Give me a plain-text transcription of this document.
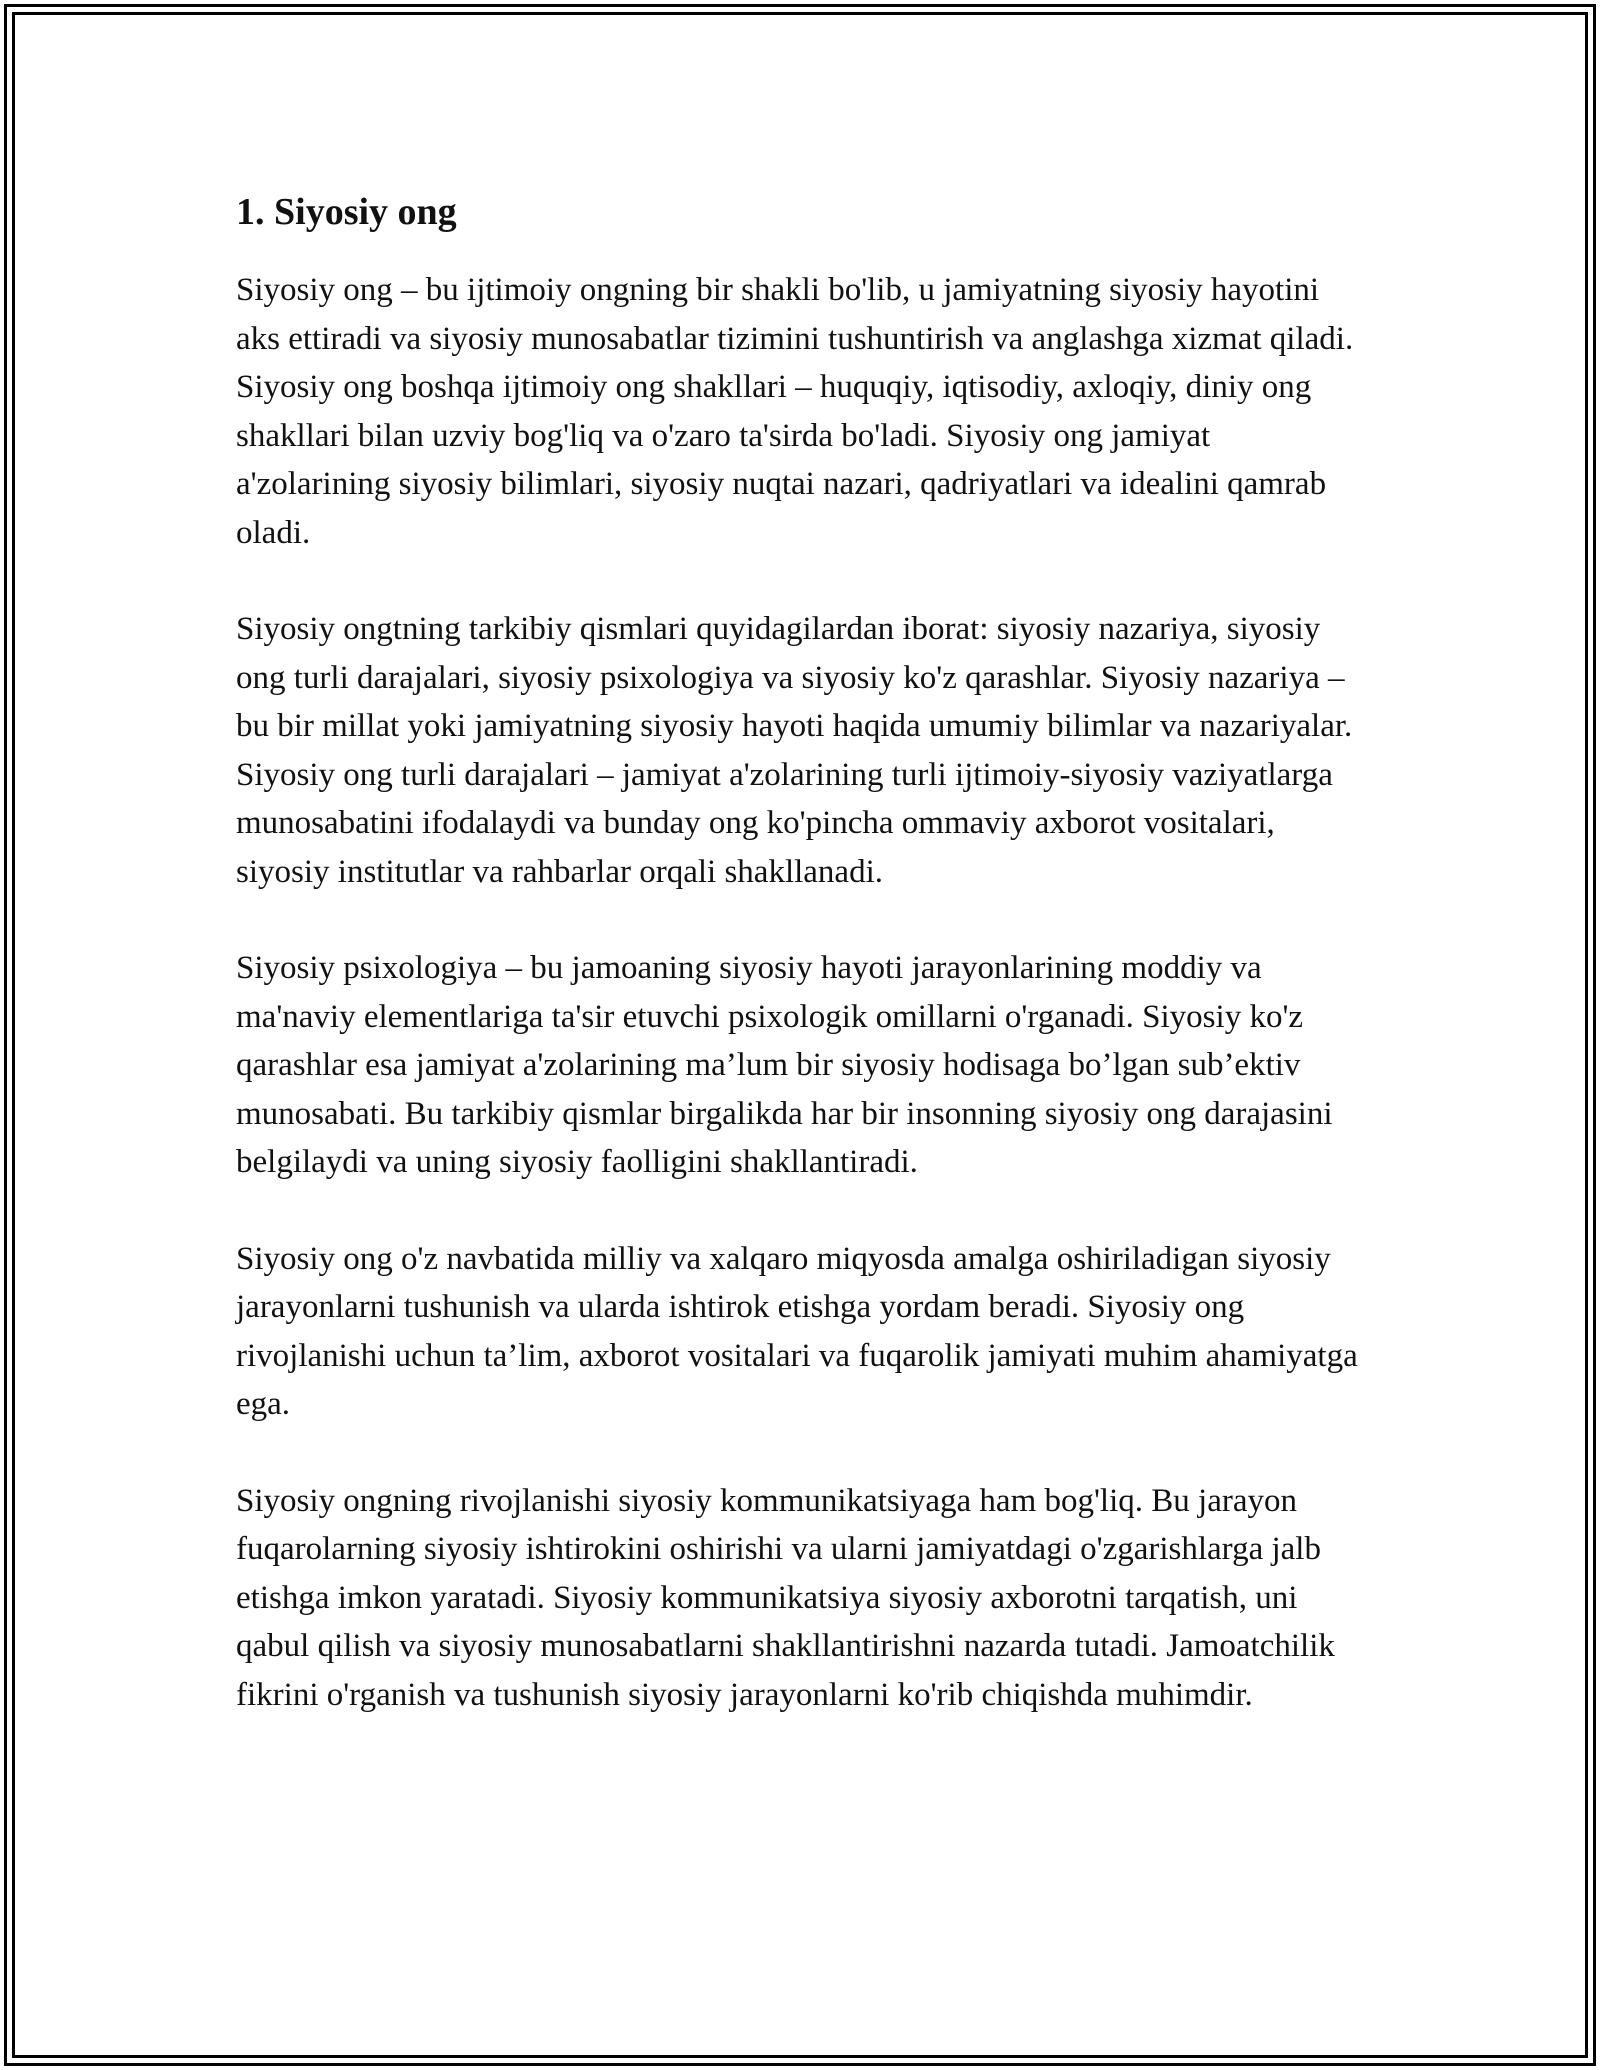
1. Siyosiy ong

Siyosiy ong – bu ijtimoiy ongning bir shakli bo'lib, u jamiyatning siyosiy hayotini aks ettiradi va siyosiy munosabatlar tizimini tushuntirish va anglashga xizmat qiladi. Siyosiy ong boshqa ijtimoiy ong shakllari – huquqiy, iqtisodiy, axloqiy, diniy ong shakllari bilan uzviy bog'liq va o'zaro ta'sirda bo'ladi. Siyosiy ong jamiyat a'zolarining siyosiy bilimlari, siyosiy nuqtai nazari, qadriyatlari va idealini qamrab oladi.

Siyosiy ongtning tarkibiy qismlari quyidagilardan iborat: siyosiy nazariya, siyosiy ong turli darajalari, siyosiy psixologiya va siyosiy ko'z qarashlar. Siyosiy nazariya – bu bir millat yoki jamiyatning siyosiy hayoti haqida umumiy bilimlar va nazariyalar. Siyosiy ong turli darajalari – jamiyat a'zolarining turli ijtimoiy-siyosiy vaziyatlarga munosabatini ifodalaydi va bunday ong ko'pincha ommaviy axborot vositalari, siyosiy institutlar va rahbarlar orqali shakllanadi.

Siyosiy psixologiya – bu jamoaning siyosiy hayoti jarayonlarining moddiy va ma'naviy elementlariga ta'sir etuvchi psixologik omillarni o'rganadi. Siyosiy ko'z qarashlar esa jamiyat a'zolarining ma’lum bir siyosiy hodisaga bo’lgan sub’ektiv munosabati. Bu tarkibiy qismlar birgalikda har bir insonning siyosiy ong darajasini belgilaydi va uning siyosiy faolligini shakllantiradi.

Siyosiy ong o'z navbatida milliy va xalqaro miqyosda amalga oshiriladigan siyosiy jarayonlarni tushunish va ularda ishtirok etishga yordam beradi. Siyosiy ong rivojlanishi uchun ta’lim, axborot vositalari va fuqarolik jamiyati muhim ahamiyatga ega.

Siyosiy ongning rivojlanishi siyosiy kommunikatsiyaga ham bog'liq. Bu jarayon fuqarolarning siyosiy ishtirokini oshirishi va ularni jamiyatdagi o'zgarishlarga jalb etishga imkon yaratadi. Siyosiy kommunikatsiya siyosiy axborotni tarqatish, uni qabul qilish va siyosiy munosabatlarni shakllantirishni nazarda tutadi. Jamoatchilik fikrini o'rganish va tushunish siyosiy jarayonlarni ko'rib chiqishda muhimdir.
